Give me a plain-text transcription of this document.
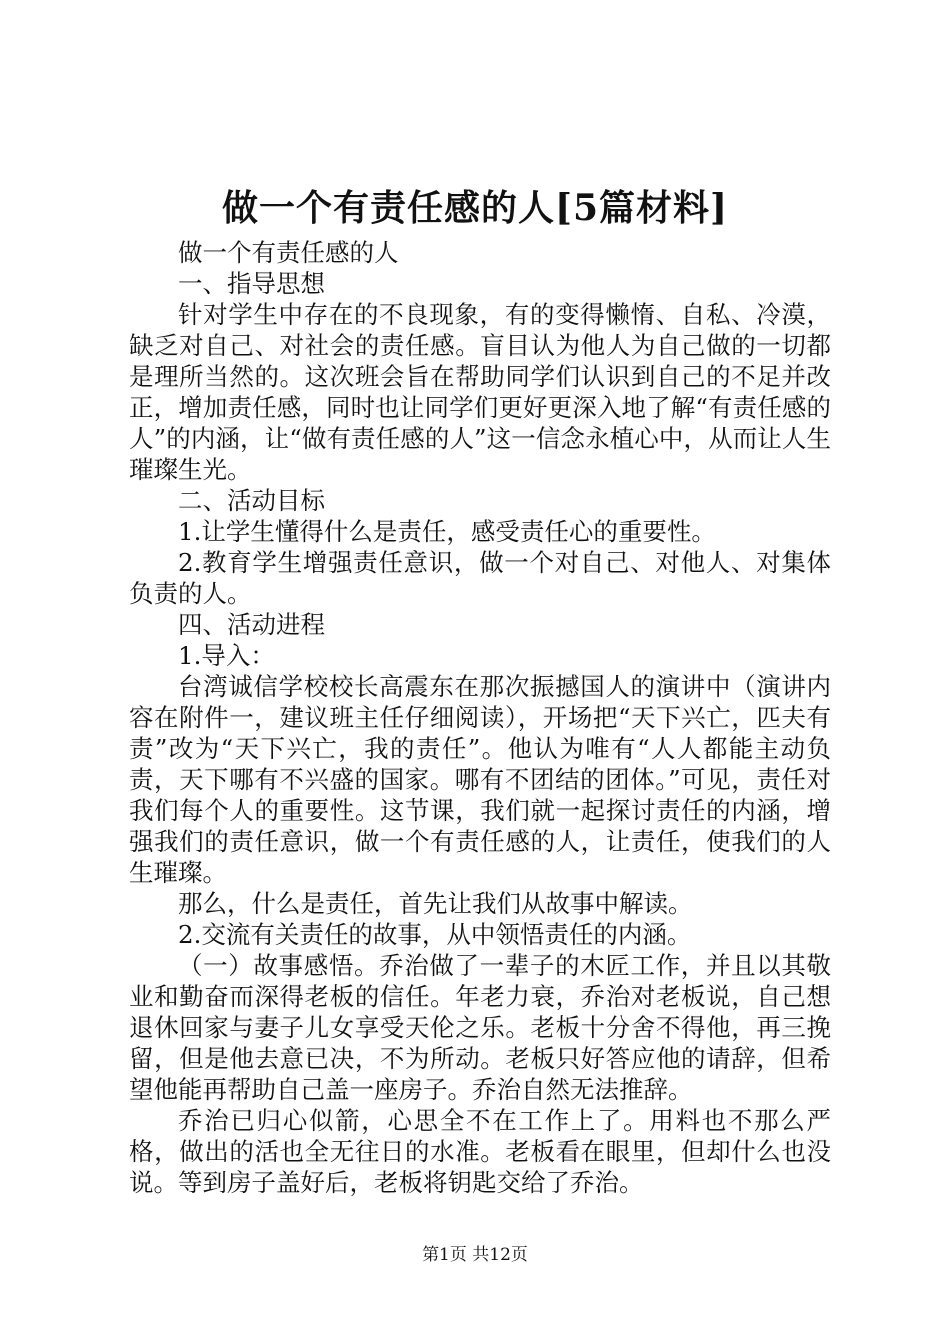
做一个有责任感的人[5篇材料]

做一个有责任感的人

一、指导思想

针对学生中存在的不良现象，有的变得懒惰、自私、冷漠，缺乏对自己、对社会的责任感。盲目认为他人为自己做的一切都是理所当然的。这次班会旨在帮助同学们认识到自己的不足并改正，增加责任感，同时也让同学们更好更深入地了解“有责任感的人”的内涵，让“做有责任感的人”这一信念永植心中，从而让人生璀璨生光。

二、活动目标

1.让学生懂得什么是责任，感受责任心的重要性。

2.教育学生增强责任意识，做一个对自己、对他人、对集体负责的人。

四、活动进程

1.导入：

台湾诚信学校校长高震东在那次振撼国人的演讲中（演讲内容在附件一，建议班主任仔细阅读），开场把“天下兴亡，匹夫有责”改为“天下兴亡，我的责任”。他认为唯有“人人都能主动负责，天下哪有不兴盛的国家。哪有不团结的团体。”可见，责任对我们每个人的重要性。这节课，我们就一起探讨责任的内涵，增强我们的责任意识，做一个有责任感的人，让责任，使我们的人生璀璨。

那么，什么是责任，首先让我们从故事中解读。

2.交流有关责任的故事，从中领悟责任的内涵。

（一）故事感悟。乔治做了一辈子的木匠工作，并且以其敬业和勤奋而深得老板的信任。年老力衰，乔治对老板说，自己想退休回家与妻子儿女享受天伦之乐。老板十分舍不得他，再三挽留，但是他去意已决，不为所动。老板只好答应他的请辞，但希望他能再帮助自己盖一座房子。乔治自然无法推辞。

乔治已归心似箭，心思全不在工作上了。用料也不那么严格，做出的活也全无往日的水准。老板看在眼里，但却什么也没说。等到房子盖好后，老板将钥匙交给了乔治。

第1页 共12页
